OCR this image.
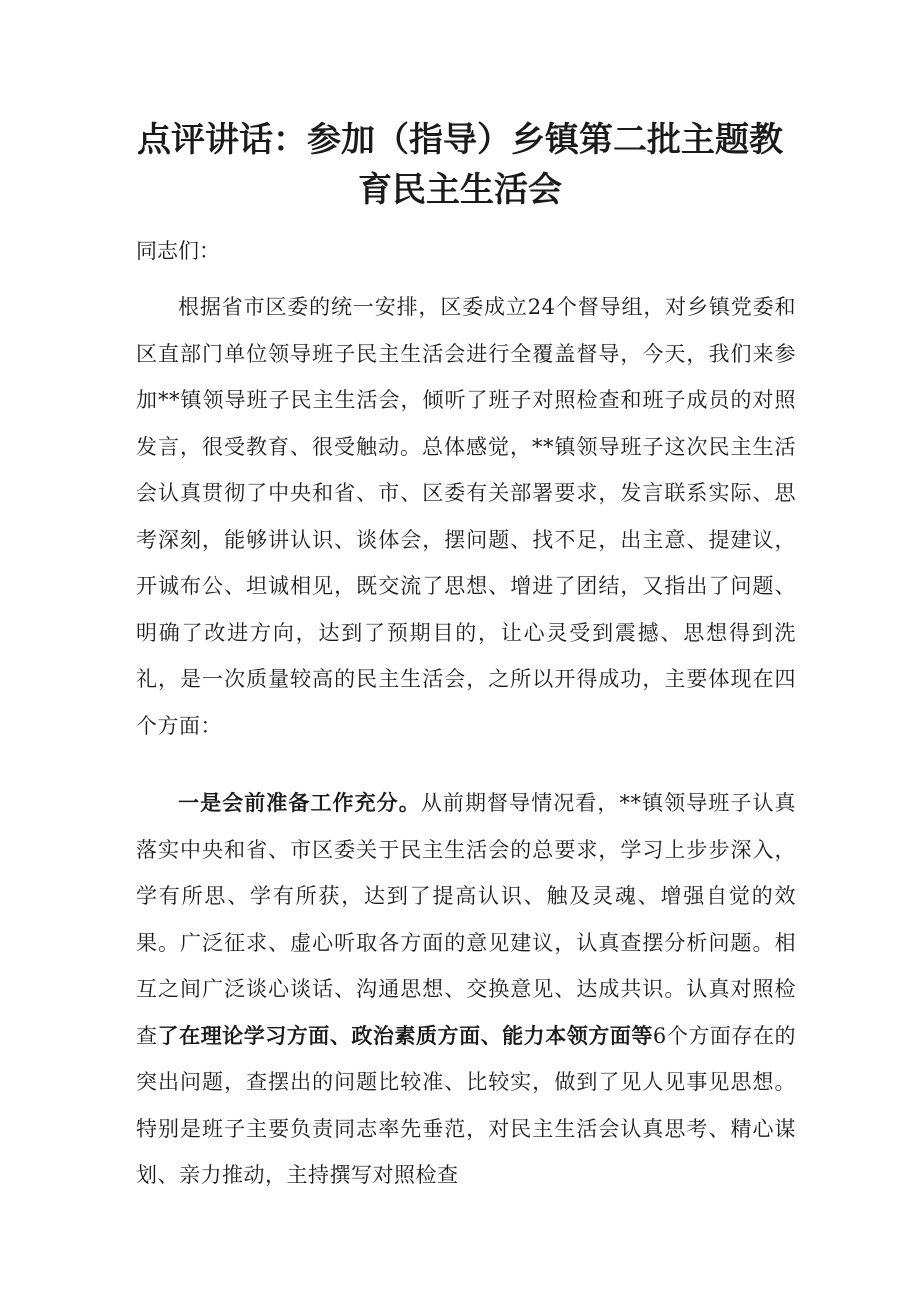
点评讲话：参加（指导）乡镇第二批主题教
育民主生活会

同志们：

根据省市区委的统一安排，区委成立24个督导组，对乡镇党委和区直部门单位领导班子民主生活会进行全覆盖督导，今天，我们来参加**镇领导班子民主生活会，倾听了班子对照检查和班子成员的对照发言，很受教育、很受触动。总体感觉，**镇领导班子这次民主生活会认真贯彻了中央和省、市、区委有关部署要求，发言联系实际、思考深刻，能够讲认识、谈体会，摆问题、找不足，出主意、提建议，开诚布公、坦诚相见，既交流了思想、增进了团结，又指出了问题、明确了改进方向，达到了预期目的，让心灵受到震撼、思想得到洗礼，是一次质量较高的民主生活会，之所以开得成功，主要体现在四个方面：

一是会前准备工作充分。从前期督导情况看，**镇领导班子认真落实中央和省、市区委关于民主生活会的总要求，学习上步步深入，学有所思、学有所获，达到了提高认识、触及灵魂、增强自觉的效果。广泛征求、虚心听取各方面的意见建议，认真查摆分析问题。相互之间广泛谈心谈话、沟通思想、交换意见、达成共识。认真对照检查了在理论学习方面、政治素质方面、能力本领方面等6个方面存在的突出问题，查摆出的问题比较准、比较实，做到了见人见事见思想。特别是班子主要负责同志率先垂范，对民主生活会认真思考、精心谋划、亲力推动，主持撰写对照检查
